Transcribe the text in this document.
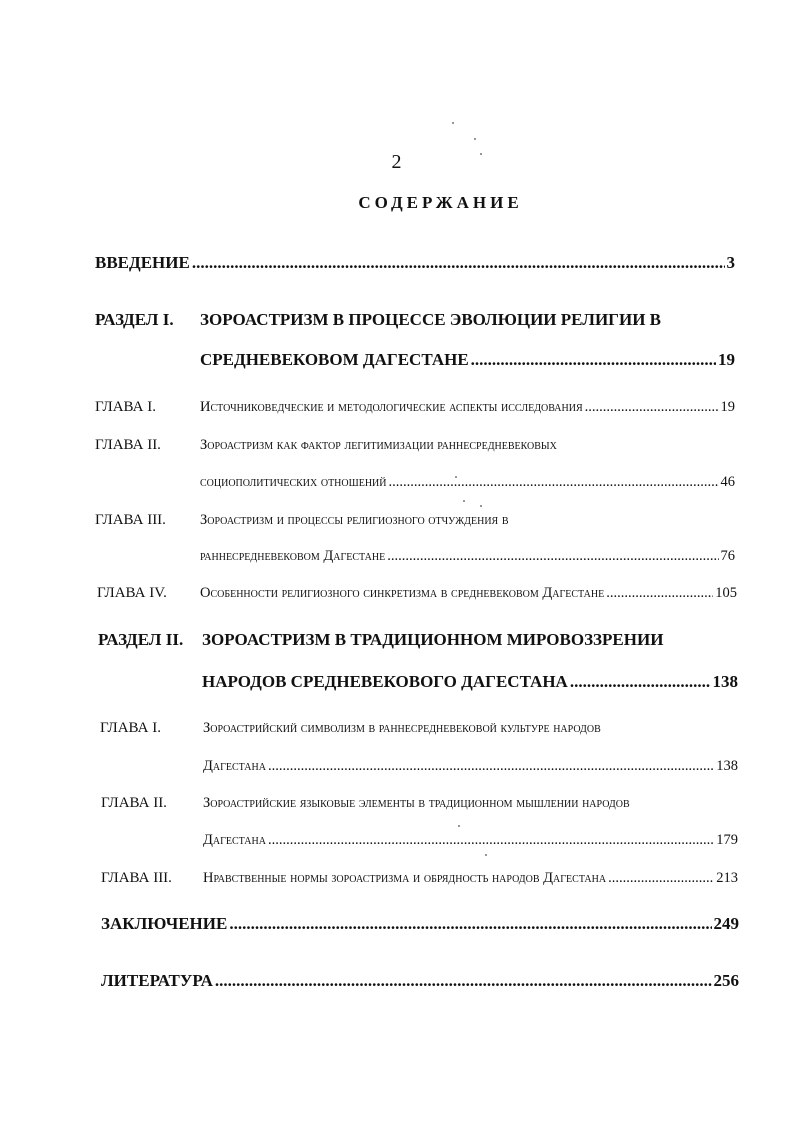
2
СОДЕРЖАНИЕ
ВВЕДЕНИЕ .....	3
РАЗДЕЛ I. ЗОРОАСТРИЗМ В ПРОЦЕССЕ ЭВОЛЮЦИИ РЕЛИГИИ В
СРЕДНЕВЕКОВОМ ДАГЕСТАНЕ .....	19
ГЛАВА I.	Источниковедческие и методологические аспекты исследования .....	19
ГЛАВА II.	Зороастризм как фактор легитимизации раннесредневековых
социополитических отношений .....	46
ГЛАВА III. Зороастризм и процессы религиозного отчуждения в
раннесредневековом Дагестане .....	76
ГЛАВА IV. Особенности религиозного синкретизма в средневековом Дагестане .....	105
РАЗДЕЛ II. ЗОРОАСТРИЗМ В ТРАДИЦИОННОМ МИРОВОЗЗРЕНИИ
НАРОДОВ СРЕДНЕВЕКОВОГО ДАГЕСТАНА .....	138
ГЛАВА I.	Зороастрийский символизм в раннесредневековой культуре народов
Дагестана .....	138
ГЛАВА II. Зороастрийские языковые элементы в традиционном мышлении народов
Дагестана .....	179
ГЛАВА III. Нравственные нормы зороастризма и обрядность народов Дагестана .....	213
ЗАКЛЮЧЕНИЕ .....	249
ЛИТЕРАТУРА .....	256
